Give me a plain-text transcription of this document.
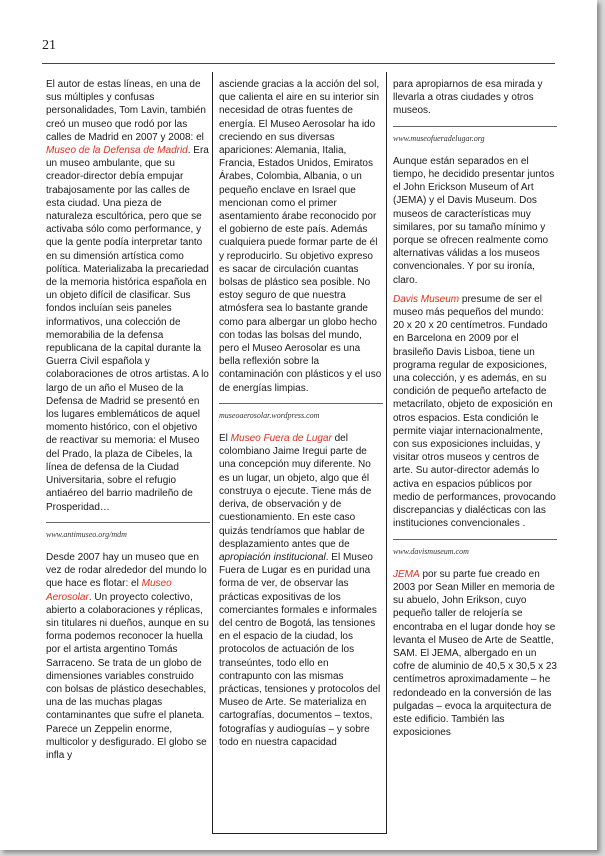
21

El autor de estas líneas, en una de sus múltiples y confusas personalidades, Tom Lavin, también creó un museo que rodó por las calles de Madrid en 2007 y 2008: el Museo de la Defensa de Madrid. Era un museo ambulante, que su creador-director debía empujar trabajosamente por las calles de esta ciudad. Una pieza de naturaleza escultórica, pero que se activaba sólo como performance, y que la gente podía interpretar tanto en su dimensión artística como política. Materializaba la precariedad de la memoria histórica española en un objeto difícil de clasificar. Sus fondos incluían seis paneles informativos, una colección de memorabilia de la defensa republicana de la capital durante la Guerra Civil española y colaboraciones de otros artistas. A lo largo de un año el Museo de la Defensa de Madrid se presentó en los lugares emblemáticos de aquel momento histórico, con el objetivo de reactivar su memoria: el Museo del Prado, la plaza de Cibeles, la línea de defensa de la Ciudad Universitaria, sobre el refugio antiaéreo del barrio madrileño de Prosperidad…

www.antimuseo.org/mdm

Desde 2007 hay un museo que en vez de rodar alrededor del mundo lo que hace es flotar: el Museo Aerosolar. Un proyecto colectivo, abierto a colaboraciones y réplicas, sin titulares ni dueños, aunque en su forma podemos reconocer la huella por el artista argentino Tomás Sarraceno. Se trata de un globo de dimensiones variables construido con bolsas de plástico desechables, una de las muchas plagas contaminantes que sufre el planeta. Parece un Zeppelin enorme, multicolor y desfigurado. El globo se infla y

asciende gracias a la acción del sol, que calienta el aire en su interior sin necesidad de otras fuentes de energía. El Museo Aerosolar ha ido creciendo en sus diversas apariciones: Alemania, Italia, Francia, Estados Unidos, Emiratos Árabes, Colombia, Albania, o un pequeño enclave en Israel que mencionan como el primer asentamiento árabe reconocido por el gobierno de este país. Además cualquiera puede formar parte de él y reproducirlo. Su objetivo expreso es sacar de circulación cuantas bolsas de plástico sea posible. No estoy seguro de que nuestra atmósfera sea lo bastante grande como para albergar un globo hecho con todas las bolsas del mundo, pero el Museo Aerosolar es una bella reflexión sobre la contaminación con plásticos y el uso de energías limpias.

museoaerosolar.wordpress.com

El Museo Fuera de Lugar del colombiano Jaime Iregui parte de una concepción muy diferente. No es un lugar, un objeto, algo que él construya o ejecute. Tiene más de deriva, de observación y de cuestionamiento. En este caso quizás tendríamos que hablar de desplazamiento antes que de apropiación institucional. El Museo Fuera de Lugar es en puridad una forma de ver, de observar las prácticas expositivas de los comerciantes formales e informales del centro de Bogotá, las tensiones en el espacio de la ciudad, los protocolos de actuación de los transeúntes, todo ello en contrapunto con las mismas prácticas, tensiones y protocolos del Museo de Arte. Se materializa en cartografías, documentos – textos, fotografías y audioguías – y sobre todo en nuestra capacidad

para apropiarnos de esa mirada y llevarla a otras ciudades y otros museos.

www.museofueradelugar.org

Aunque están separados en el tiempo, he decidido presentar juntos el John Erickson Museum of Art (JEMA) y el Davis Museum. Dos museos de características muy similares, por su tamaño mínimo y porque se ofrecen realmente como alternativas válidas a los museos convencionales. Y por su ironía, claro.

Davis Museum presume de ser el museo más pequeños del mundo: 20 x 20 x 20 centímetros. Fundado en Barcelona en 2009 por el brasileño Davis Lisboa, tiene un programa regular de exposiciones, una colección, y es además, en su condición de pequeño artefacto de metacrilato, objeto de exposición en otros espacios. Esta condición le permite viajar internacionalmente, con sus exposiciones incluidas, y visitar otros museos y centros de arte. Su autor-director además lo activa en espacios públicos por medio de performances, provocando discrepancias y dialécticas con las instituciones convencionales .

www.davismuseum.com

JEMA por su parte fue creado en 2003 por Sean Miller en memoria de su abuelo, John Erikson, cuyo pequeño taller de relojería se encontraba en el lugar donde hoy se levanta el Museo de Arte de Seattle, SAM. El JEMA, albergado en un cofre de aluminio de 40,5 x 30,5 x 23 centímetros aproximadamente – he redondeado en la conversión de las pulgadas – evoca la arquitectura de este edificio. También las exposiciones
